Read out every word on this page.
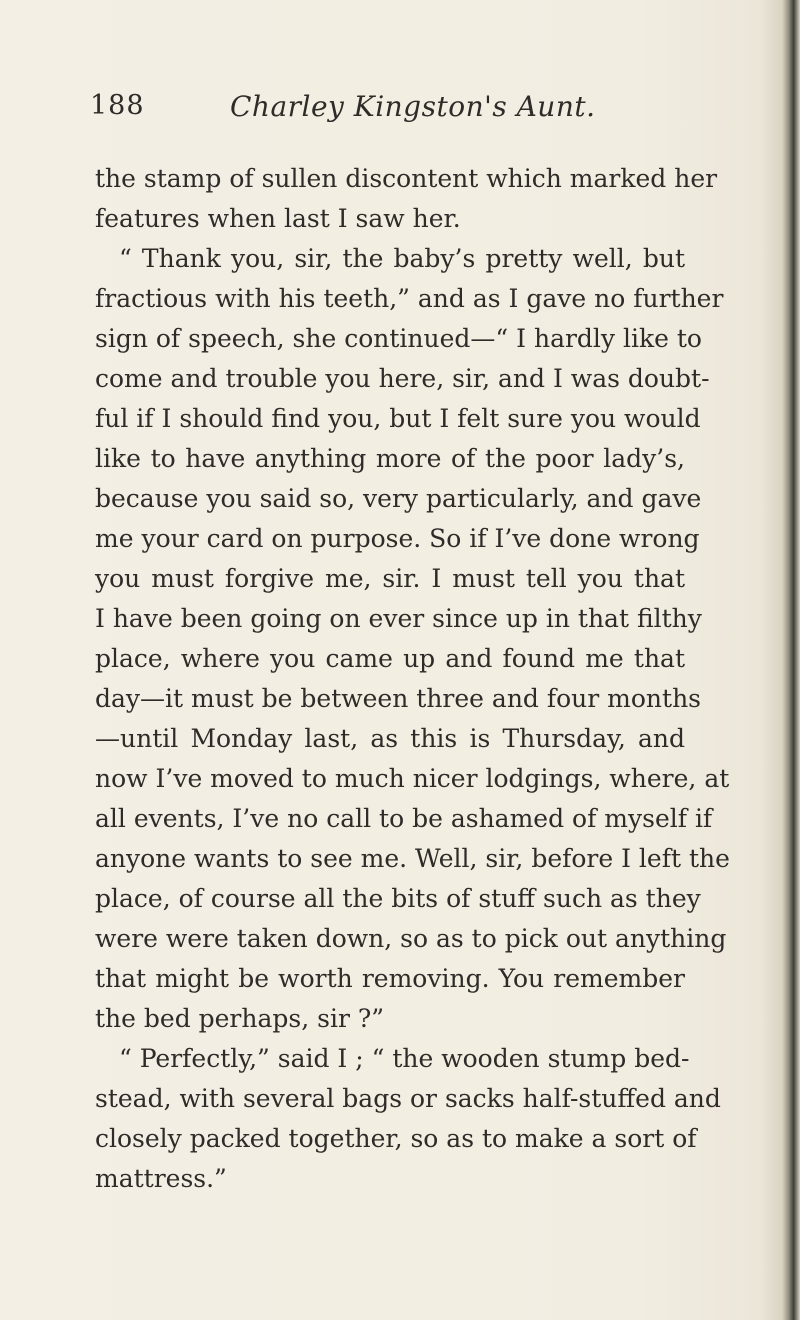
188	Charley Kingston's Aunt.
the stamp of sullen discontent which marked her
features when last I saw her.
“ Thank you, sir, the baby’s pretty well, but
fractious with his teeth,” and as I gave no further
sign of speech, she continued—“ I hardly like to
come and trouble you here, sir, and I was doubt-
ful if I should find you, but I felt sure you would
like to have anything more of the poor lady’s,
because you said so, very particularly, and gave
me your card on purpose. So if I’ve done wrong
you must forgive me, sir. I must tell you that
I have been going on ever since up in that filthy
place, where you came up and found me that
day—it must be between three and four months
—until Monday last, as this is Thursday, and
now I’ve moved to much nicer lodgings, where, at
all events, I’ve no call to be ashamed of myself if
anyone wants to see me. Well, sir, before I left the
place, of course all the bits of stuff such as they
were were taken down, so as to pick out anything
that might be worth removing. You remember
the bed perhaps, sir ?”
“ Perfectly,” said I ; “ the wooden stump bed-
stead, with several bags or sacks half-stuffed and
closely packed together, so as to make a sort of
mattress.”
